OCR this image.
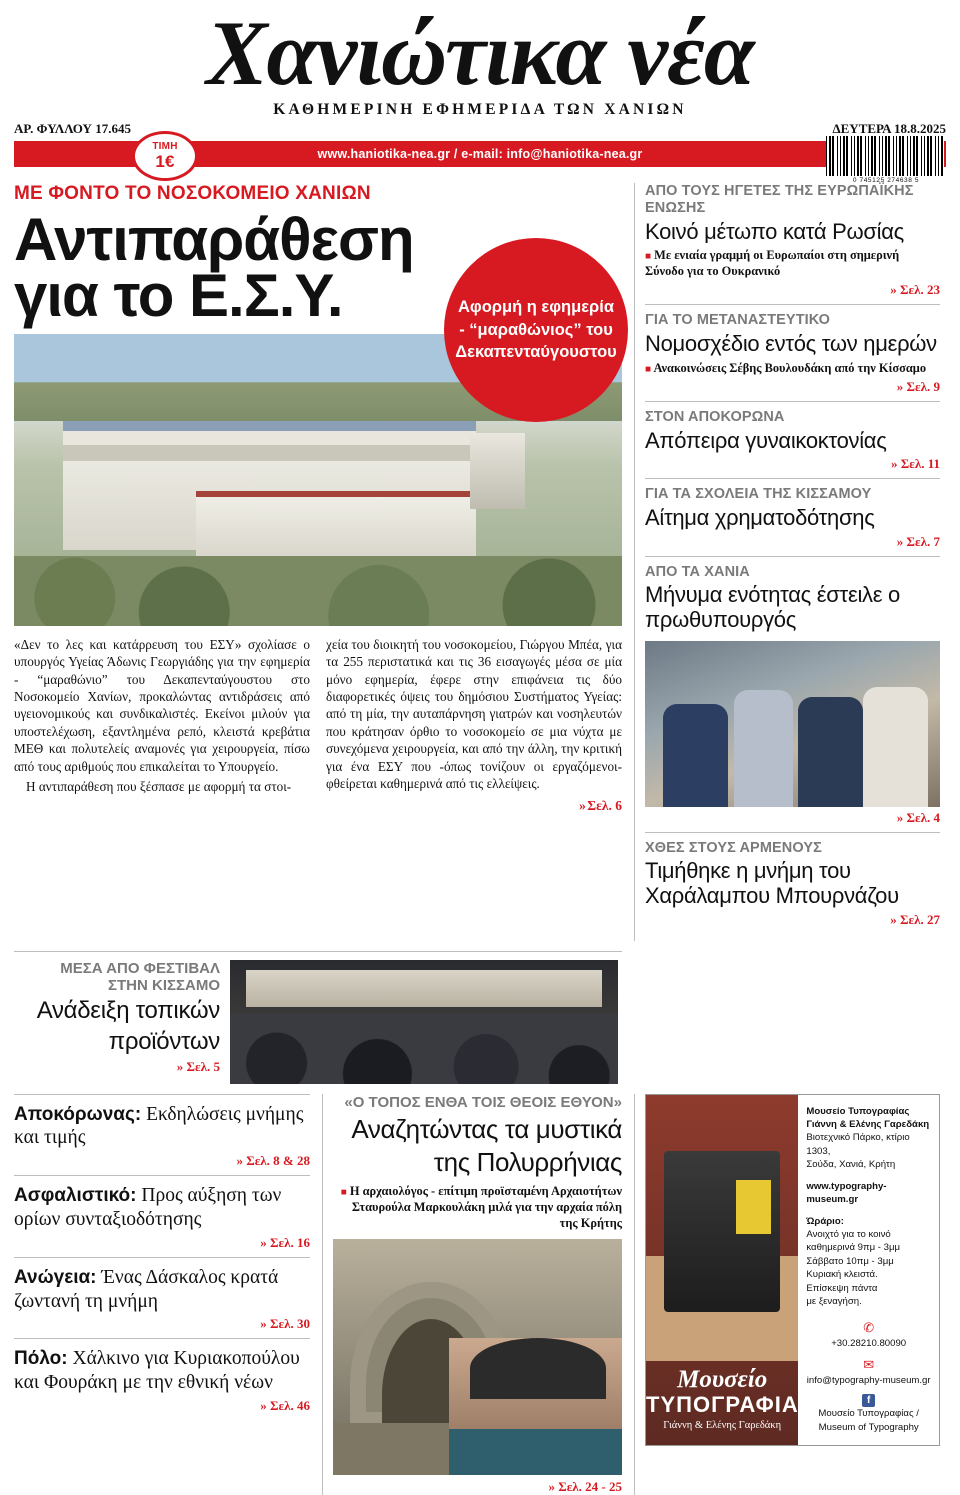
Χανιώτικα νέα
ΚΑΘΗΜΕΡΙΝΗ ΕΦΗΜΕΡΙΔΑ ΤΩΝ ΧΑΝΙΩΝ
ΑΡ. ΦΥΛΛΟΥ 17.645	ΔΕΥΤΕΡΑ 18.8.2025
ΤΙΜΗ
1€	www.haniotika-nea.gr / e-mail: info@haniotika-nea.gr
0 745125 274638 5
ΜΕ ΦΟΝΤΟ ΤΟ ΝΟΣΟΚΟΜΕΙΟ ΧΑΝΙΩΝ
Αντιπαράθεση
για το Ε.Σ.Υ.	Αφορμή η εφημερία - “μαραθώνιος” του Δεκαπενταύγουστου

«Δεν το λες και κατάρρευση του ΕΣΥ» σχολίασε ο υπουργός Υγείας Άδωνις Γεωργιάδης για την εφημερία - “μαραθώνιο” του Δεκαπενταύγουστου στο Νοσοκομείο Χανίων, προκαλώντας αντιδράσεις από υγειονομικούς και συνδικαλιστές. Εκείνοι μιλούν για υποστελέχωση, εξαντλημένα ρεπό, κλειστά κρεβάτια ΜΕΘ και πολυτελείς αναμονές για χειρουργεία, πίσω από τους αριθμούς που επικαλείται το Υπουργείο.

Η αντιπαράθεση που ξέσπασε με αφορμή τα στοι-

χεία του διοικητή του νοσοκομείου, Γιώργου Μπέα, για τα 255 περιστατικά και τις 36 εισαγωγές μέσα σε μία μόνο εφημερία, έφερε στην επιφάνεια τις δύο διαφορετικές όψεις του δημόσιου Συστήματος Υγείας: από τη μία, την αυταπάρνηση γιατρών και νοσηλευτών που κράτησαν όρθιο το νοσοκομείο σε μια νύχτα με συνεχόμενα χειρουργεία, και από την άλλη, την κριτική για ένα ΕΣΥ που -όπως τονίζουν οι εργαζόμενοι- φθείρεται καθημερινά από τις ελλείψεις.

» Σελ. 6
ΑΠΟ ΤΟΥΣ ΗΓΕΤΕΣ ΤΗΣ ΕΥΡΩΠΑΪΚΗΣ ΕΝΩΣΗΣ
Κοινό μέτωπο κατά Ρωσίας
■ Με ενιαία γραμμή οι Ευρωπαίοι στη σημερινή Σύνοδο για το Ουκρανικό
» Σελ. 23
ΓΙΑ ΤΟ ΜΕΤΑΝΑΣΤΕΥΤΙΚΟ
Νομοσχέδιο εντός των ημερών
■ Ανακοινώσεις Σέβης Βουλουδάκη από την Κίσσαμο
» Σελ. 9
ΣΤΟΝ ΑΠΟΚΟΡΩΝΑ
Απόπειρα γυναικοκτονίας
» Σελ. 11
ΓΙΑ ΤΑ ΣΧΟΛΕΙΑ ΤΗΣ ΚΙΣΣΑΜΟΥ
Αίτημα χρηματοδότησης
» Σελ. 7
ΑΠΟ ΤΑ ΧΑΝΙΑ
Μήνυμα ενότητας έστειλε ο πρωθυπουργός
» Σελ. 4
ΧΘΕΣ ΣΤΟΥΣ ΑΡΜΕΝΟΥΣ
Τιμήθηκε η μνήμη του Χαράλαμπου Μπουρνάζου
» Σελ. 27
ΜΕΣΑ ΑΠΟ ΦΕΣΤΙΒΑΛ
ΣΤΗΝ ΚΙΣΣΑΜΟ
Ανάδειξη τοπικών
προϊόντων
» Σελ. 5
Αποκόρωνας: Εκδηλώσεις μνήμης και τιμής
» Σελ. 8 & 28
Ασφαλιστικό: Προς αύξηση των ορίων συνταξιοδότησης
» Σελ. 16
Ανώγεια: Ένας Δάσκαλος κρατά ζωντανή τη μνήμη
» Σελ. 30
Πόλο: Χάλκινο για Κυριακοπούλου και Φουράκη με την εθνική νέων
» Σελ. 46
«Ο ΤΟΠΟΣ ΕΝΘΑ ΤΟΙΣ ΘΕΟΙΣ ΕΘΥΟΝ»
Αναζητώντας τα μυστικά
της Πολυρρήνιας
■ Η αρχαιολόγος - επίτιμη προϊσταμένη Αρχαιοτήτων Σταυρούλα Μαρκουλάκη μιλά για την αρχαία πόλη της Κρήτης
» Σελ. 24 - 25
Μουσείο
ΤΥΠΟΓΡΑΦΙΑΣ
Γιάννη & Ελένης Γαρεδάκη
Μουσείο Τυπογραφίας
Γιάννη & Ελένης Γαρεδάκη
Βιοτεχνικό Πάρκο, κτίριο 1303,
Σούδα, Χανιά, Κρήτη
www.typography-museum.gr
Ώράριο:
Ανοιχτό για το κοινό
καθημερινά 9πμ - 3μμ
Σάββατο 10πμ - 3μμ
Κυριακή κλειστά.
Επίσκεψη πάντα
με ξεναγήση.
✆
+30.28210.80090
✉
info@typography-museum.gr
f
Μουσείο Τυπογραφίας / Museum of Typography
